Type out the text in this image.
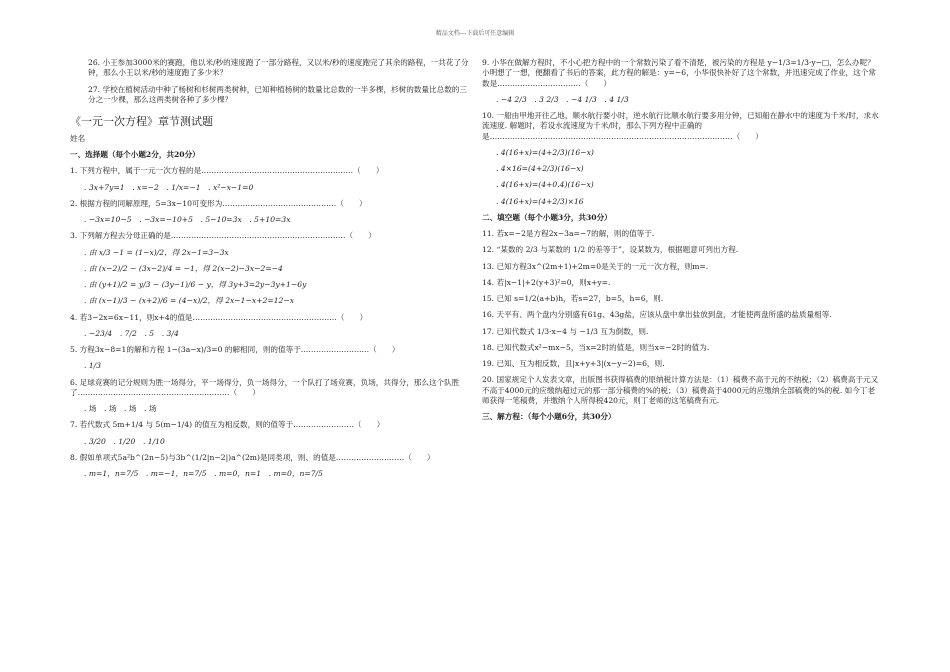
精品文档---下载后可任意编辑

26. 小王参加3000米的赛跑，他以米/秒的速度跑了一部分路程，又以米/秒的速度跑完了其余的路程，一共花了分钟，那么小王以米/秒的速度跑了多少米？

27. 学校在植树活动中种了杨树和杉树两类树种，已知种植杨树的数量比总数的一半多棵，杉树的数量比总数的三分之一少棵，那么这两类树各种了多少棵？

《一元一次方程》章节测试题

姓名

一、选择题（每个小题2分，共20分）

1. 下列方程中，属于一元一次方程的是……………………………………………………（　　）

. 3x+7y=1　. x=−2　. 1/x=−1　. x²−x−1=0

2. 根据方程的同解原理，5=3x−10可变形为………………………………………（　　）

. −3x=10−5　. −3x=−10+5　. 5−10=3x　. 5+10=3x

3. 下列解方程去分母正确的是……………………………………………………………（　　）

. 由 x/3 −1 = (1−x)/2，得 2x−1=3−3x

. 由 (x−2)/2 − (3x−2)/4 = −1，得 2(x−2)−3x−2=−4

. 由 (y+1)/2 = y/3 − (3y−1)/6 − y，得 3y+3=2y−3y+1−6y

. 由 (x−1)/3 − (x+2)/6 = (4−x)/2，得 2x−1−x+2=12−x

4. 若3−2x=6x−11，则x+4的值是…………………………………………………（　　）

. −23/4　. 7/2　. 5　. 3/4

5. 方程3x−8=1的解和方程 1−(3a−x)/3=0 的解相同，则的值等于………………………（　　）

. 1/3

6. 足球竞赛的记分规则为胜一场得分，平一场得分，负一场得分，一个队打了场竞赛，负场，共得分，那么这个队胜了……………………………………………………（　　）

. 场　. 场　. 场　. 场

7. 若代数式 5m+1/4 与 5(m−1/4) 的值互为相反数，则的值等于……………………（　　）

. 3/20　. 1/20　. 1/10

8. 假如单项式5a²b^(2n−5)与3b^(1/2|n−2|)a^(2m)是同类项，则、的值是………………………（　　）

. m=1，n=7/5　. m=−1，n=7/5　. m=0，n=1　. m=0，n=7/5

9. 小华在做解方程时，不小心把方程中的一个常数污染了看不清楚，被污染的方程是 y−1/3=1/3·y−□，怎么办呢？小明想了一想，便翻看了书后的答案，此方程的解是：y=−6，小华很快补好了这个常数，并迅速完成了作业，这个常数是……………………………（　　）

. −4 2/3　. 3 2/3　. −4 1/3　. 4 1/3

10. 一船由甲地开往乙地，顺水航行要小时，逆水航行比顺水航行要多用分钟，已知船在静水中的速度为千米/时，求水流速度. 解题时，若设水流速度为千米/时，那么下列方程中正确的是……………………………………………………………………………………（　　）

. 4(16+x)=(4+2/3)(16−x)

. 4×16=(4+2/3)(16−x)

. 4(16+x)=(4+0.4)(16−x)

. 4(16+x)=(4+2/3)×16

二、填空题（每个小题3分，共30分）

11. 若x=−2是方程2x−3a=−7的解，则的值等于.

12. “某数的 2/3 与某数的 1/2 的差等于”，设某数为，根据题意可列出方程.

13. 已知方程3x^(2m+1)+2m=0是关于的一元一次方程，则m=.

14. 若|x−1|+2(y+3)²=0，则x+y=.

15. 已知 s=1/2(a+b)h，若s=27，b=5，h=6，则.

16. 天平有、两个盘内分别盛有61g、43g盐，应该从盘中拿出盐放到盘，才能使两盘所盛的盐质量相等.

17. 已知代数式 1/3·x−4 与 −1/3 互为倒数，则.

18. 已知代数式x²−mx−5，当x=2时的值是，则当x=−2时的值为.

19. 已知、互为相反数，且|x+y+3|(x−y−2)=6，则.

20. 国家规定个人发表文章，出版图书获得稿费的原纳税计算方法是：（1）稿费不高于元的不纳税；（2）稿费高于元又不高于4000元的应缴纳超过元的那一部分稿费的%的税；（3）稿费高于4000元的应缴纳全部稿费的%的税. 如今丁老师获得一笔稿费，并缴纳个人所得税420元，则丁老师的这笔稿费有元.

三、解方程：（每个小题6分，共30分）
